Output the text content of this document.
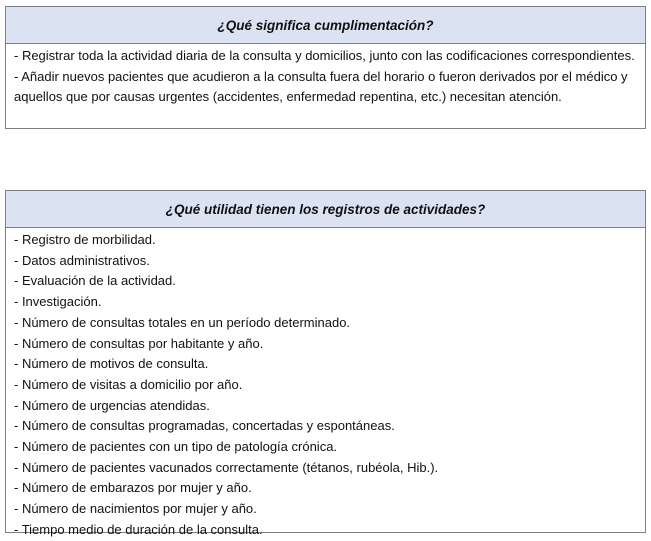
¿Qué significa cumplimentación?
- Registrar toda la actividad diaria de la consulta y domicilios, junto con las codificaciones correspondientes.
- Añadir nuevos pacientes que acudieron a la consulta fuera del horario o fueron derivados por el médico y aquellos que por causas urgentes (accidentes, enfermedad repentina, etc.) necesitan atención.
¿Qué utilidad tienen los registros de actividades?
- Registro de morbilidad.
- Datos administrativos.
- Evaluación de la actividad.
- Investigación.
- Número de consultas totales en un período determinado.
- Número de consultas por habitante y año.
- Número de motivos de consulta.
- Número de visitas a domicilio por año.
- Número de urgencias atendidas.
- Número de consultas programadas, concertadas y espontáneas.
- Número de pacientes con un tipo de patología crónica.
- Número de pacientes vacunados correctamente (tétanos, rubéola, Hib.).
- Número de embarazos por mujer y año.
- Número de nacimientos por mujer y año.
- Tiempo medio de duración de la consulta.
